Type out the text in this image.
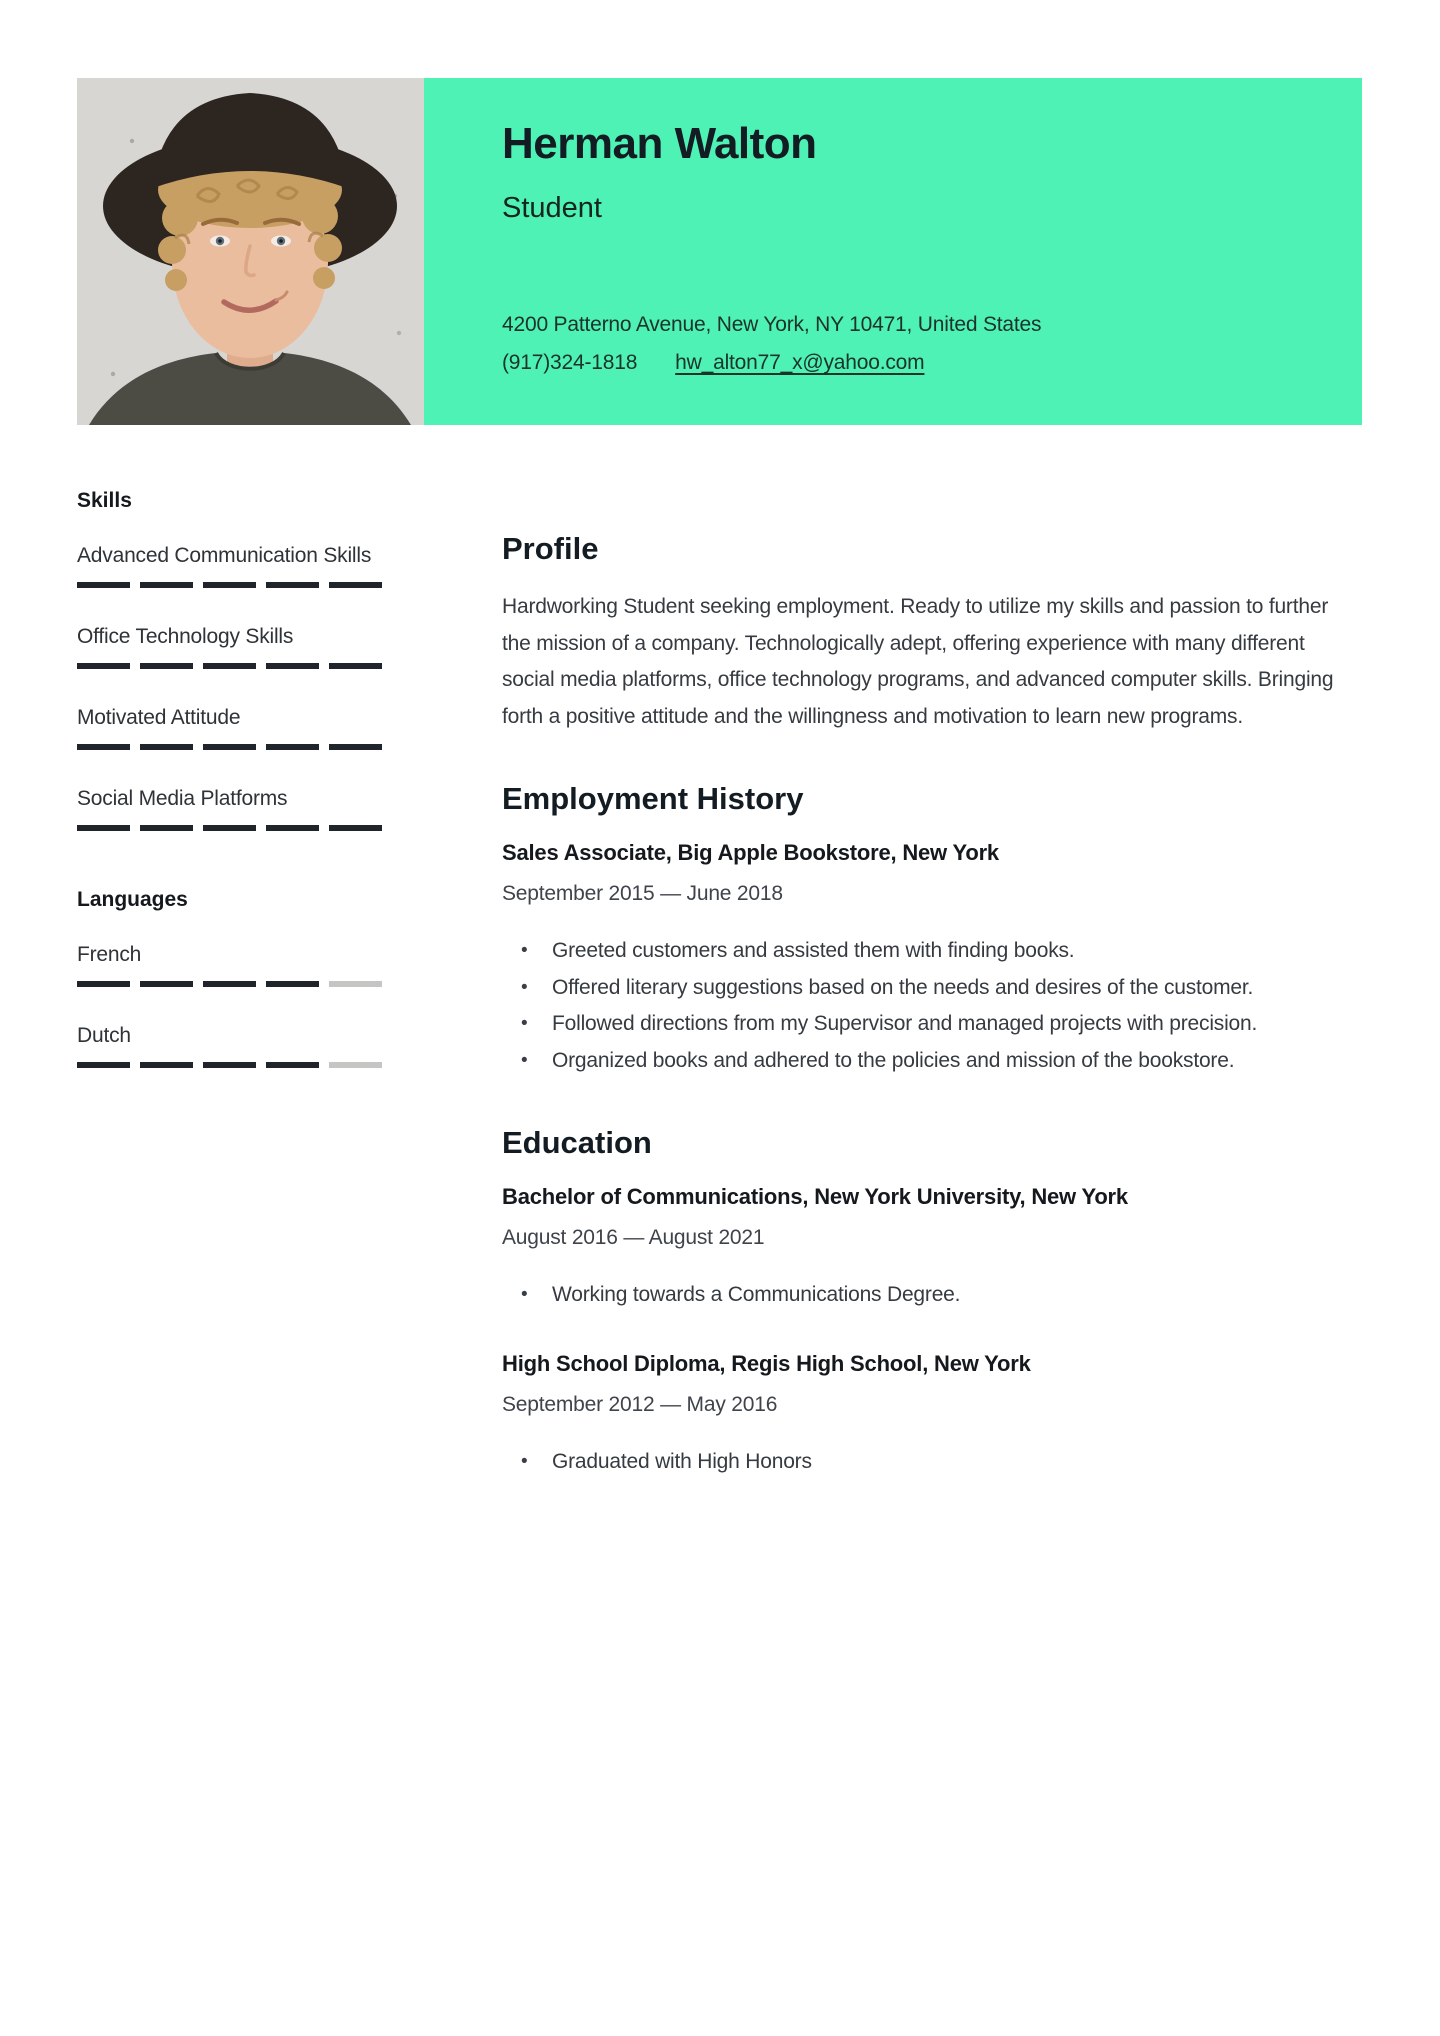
Herman Walton
Student
4200 Patterno Avenue, New York, NY 10471, United States
(917)324-1818 hw_alton77_x@yahoo.com
Skills
Advanced Communication Skills
Office Technology Skills
Motivated Attitude
Social Media Platforms
Languages
French
Dutch
Profile

Hardworking Student seeking employment. Ready to utilize my skills and passion to further the mission of a company. Technologically adept, offering experience with many different social media platforms, office technology programs, and advanced computer skills. Bringing forth a positive attitude and the willingness and motivation to learn new programs.

Employment History
Sales Associate, Big Apple Bookstore, New York
September 2015 — June 2018
• Greeted customers and assisted them with finding books.
• Offered literary suggestions based on the needs and desires of the customer.
• Followed directions from my Supervisor and managed projects with precision.
• Organized books and adhered to the policies and mission of the bookstore.
Education
Bachelor of Communications, New York University, New York
August 2016 — August 2021
• Working towards a Communications Degree.
High School Diploma, Regis High School, New York
September 2012 — May 2016
• Graduated with High Honors
